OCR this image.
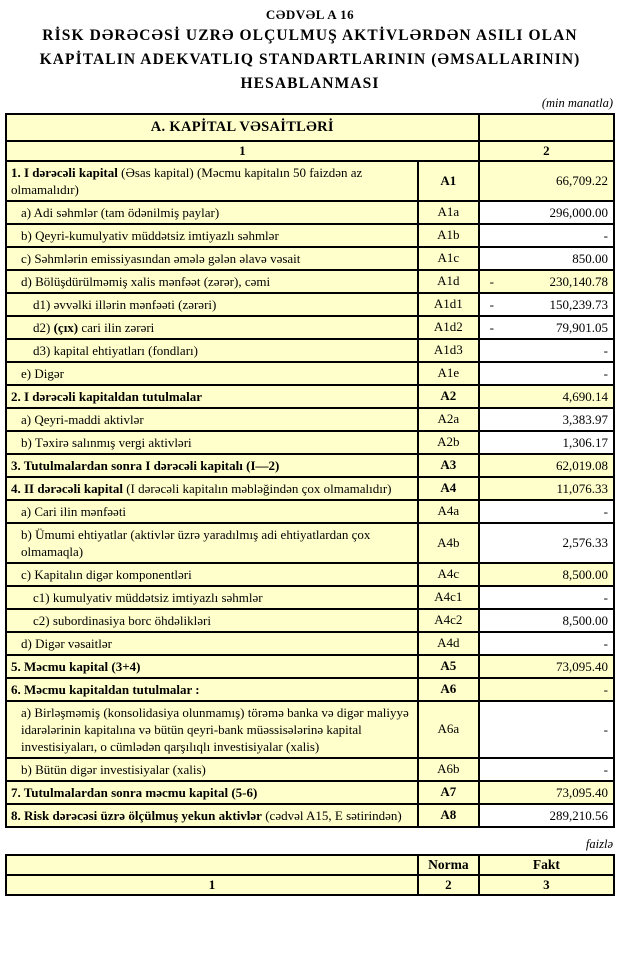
CƏDVƏL A 16
RİSK DƏRƏCƏSİ UZRƏ OLÇULMUŞ AKTİVLƏRDƏN ASILI OLAN
KAPİTALIN ADEKVATLIQ STANDARTLARININ (ƏMSALLARININ)
HESABLANMASI
(min manatla)
A. KAPİTAL VƏSAİTLƏRİ		
1		2
1. I dərəcəli kapital (Əsas kapital) (Məcmu kapitalın 50 faizdən az olmamalıdır)	A1	66,709.22
a) Adi səhmlər (tam ödənilmiş paylar)	A1a	296,000.00
b) Qeyri-kumulyativ müddətsiz imtiyazlı səhmlər	A1b	-
c) Səhmlərin emissiyasından əmələ gələn əlavə vəsait	A1c	850.00
d) Bölüşdürülməmiş xalis mənfəət (zərər), cəmi	A1d	- 230,140.78

d1) əvvəlki illərin mənfəəti (zərəri)	A1d1	- 150,239.73

d2) (çıx) cari ilin zərəri	A1d2	- 79,901.05

d3) kapital ehtiyatları (fondları)	A1d3	-
e) Digər	A1e	-
2. I dərəcəli kapitaldan tutulmalar	A2	4,690.14
a) Qeyri-maddi aktivlər	A2a	3,383.97
b) Təxirə salınmış vergi aktivləri	A2b	1,306.17
3. Tutulmalardan sonra I dərəcəli kapitalı (I—2)	A3	62,019.08
4. II dərəcəli kapital (I dərəcəli kapitalın məbləğindən çox olmamalıdır)	A4	11,076.33
a) Cari ilin mənfəəti	A4a	-
b) Ümumi ehtiyatlar (aktivlər üzrə yaradılmış adi ehtiyatlardan çox olmamaqla)	A4b	2,576.33
c) Kapitalın digər komponentləri	A4c	8,500.00
c1) kumulyativ müddətsiz imtiyazlı səhmlər	A4c1	-
c2) subordinasiya borc öhdəlikləri	A4c2	8,500.00
d) Digər vəsaitlər	A4d	-
5. Məcmu kapital (3+4)	A5	73,095.40
6. Məcmu kapitaldan tutulmalar :	A6	-
a) Birləşməmiş (konsolidasiya olunmamış) törəmə banka və digər maliyyə idarələrinin kapitalına və bütün qeyri-bank müəssisələrinə kapital investisiyaları, o cümlədən qarşılıqlı investisiyalar (xalis)	A6a	-
b) Bütün digər investisiyalar (xalis)	A6b	-
7. Tutulmalardan sonra məcmu kapital (5-6)	A7	73,095.40
8. Risk dərəcəsi üzrə ölçülmuş yekun aktivlər (cədvəl A15, E sətirindən)	A8	289,210.56
faizlə
	Norma	Fakt
1	2	3
